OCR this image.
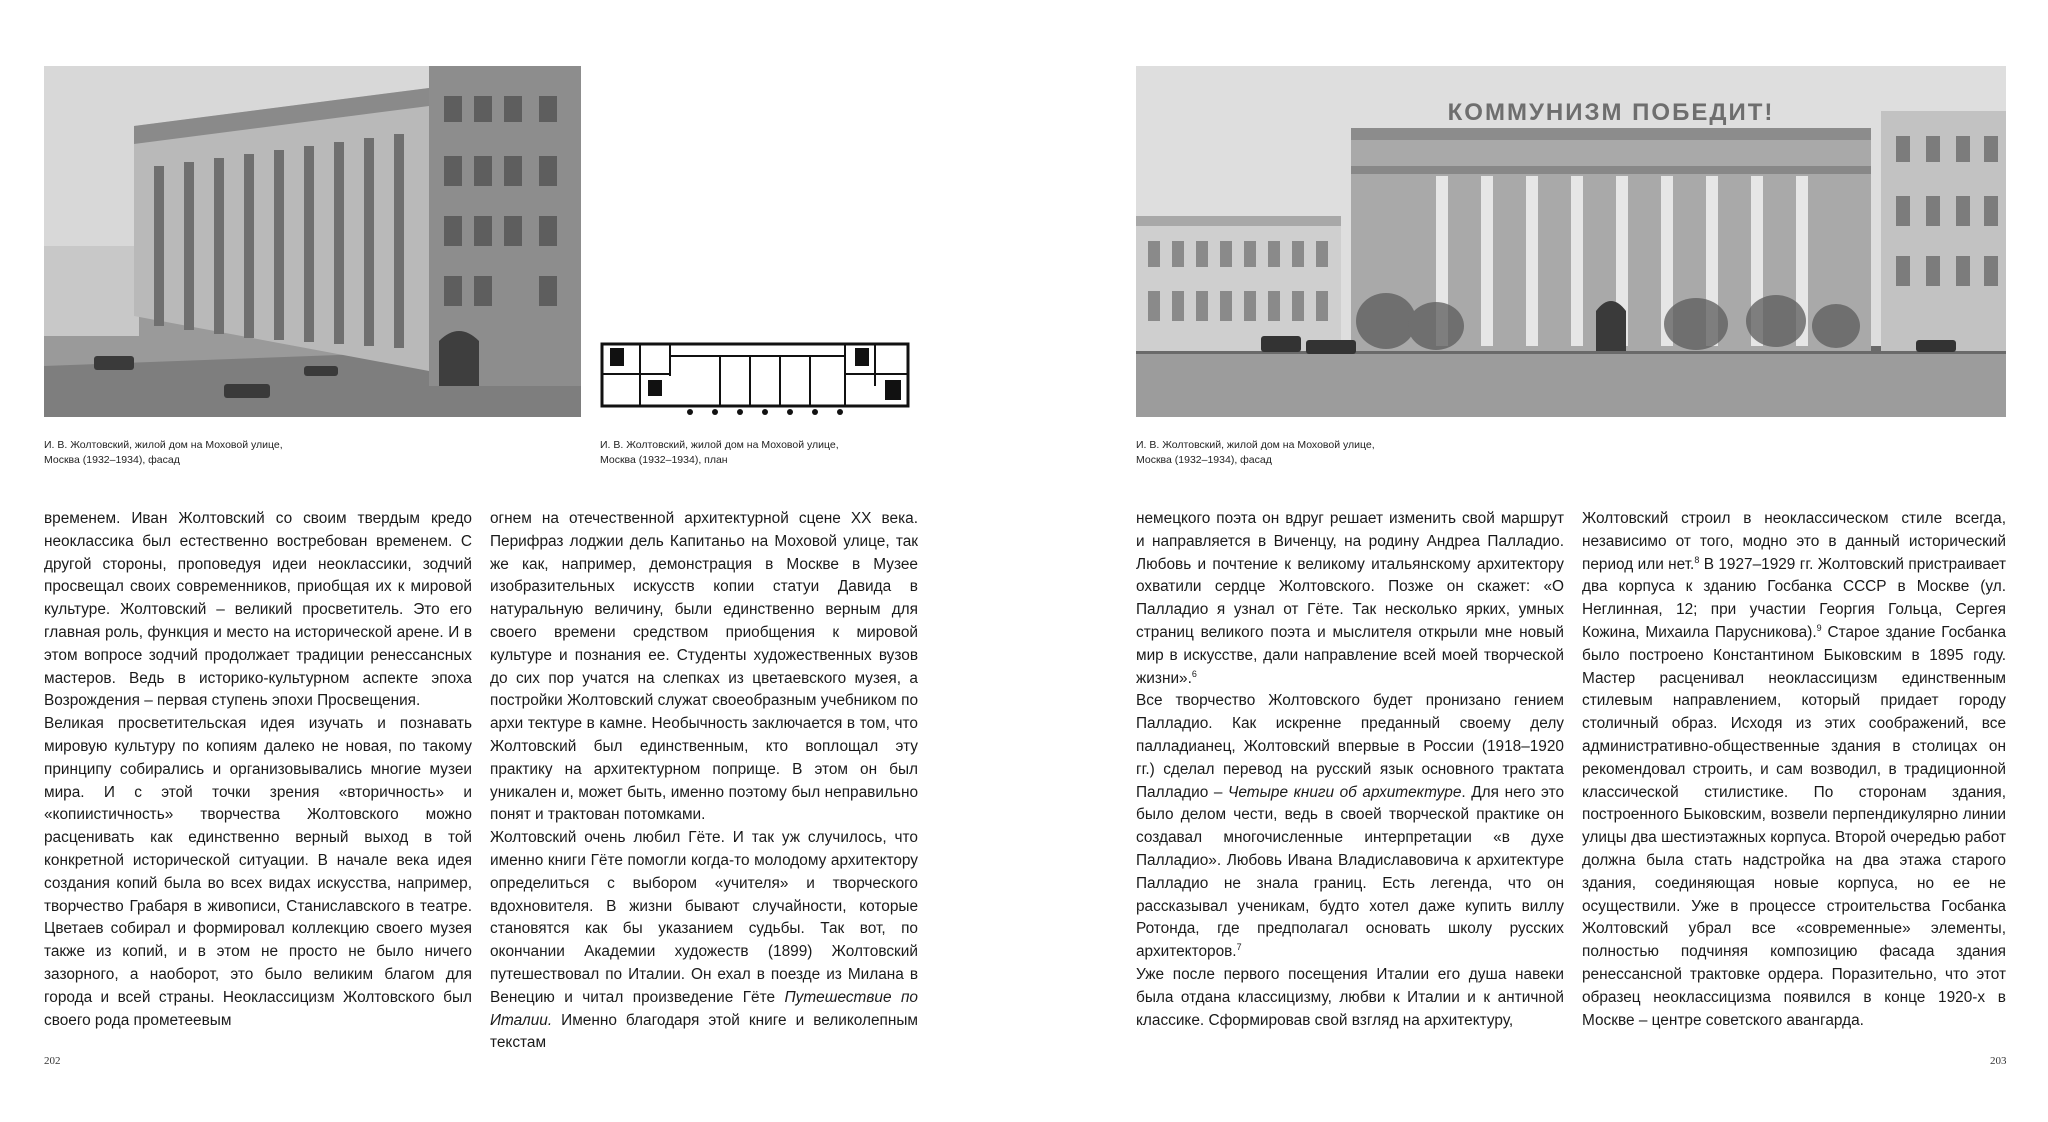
И. В. Жолтовский, жилой дом на Моховой улице,
Москва (1932–1934), фасад
И. В. Жолтовский, жилой дом на Моховой улице,
Москва (1932–1934), план

временем. Иван Жолтовский со своим твердым кредо неоклассика был естественно востребован временем. С другой стороны, проповедуя идеи неоклассики, зодчий просвещал своих современников, приобщая их к мировой культуре. Жолтовский – великий просветитель. Это его главная роль, функция и место на исторической арене. И в этом вопросе зодчий продолжает традиции ренессансных мастеров. Ведь в историко-культурном аспекте эпоха Возрождения – первая ступень эпохи Просвещения.

Великая просветительская идея изучать и познавать мировую культуру по копиям далеко не новая, по такому принципу собирались и организовывались многие музеи мира. И с этой точки зрения «вторичность» и «копиистичность» творчества Жолтовского можно расценивать как единственно верный выход в той конкретной исторической ситуации. В начале века идея создания копий была во всех видах искусства, например, творчество Грабаря в живописи, Станиславского в театре. Цветаев собирал и формировал коллекцию своего музея также из копий, и в этом не просто не было ничего зазорного, а наоборот, это было великим благом для города и всей страны. Неоклассицизм Жолтовского был своего рода прометеевым

огнем на отечественной архитектурной сцене XX века. Перифраз лоджии дель Капитаньо на Моховой улице, так же как, например, демонстрация в Москве в Музее изобразительных искусств копии статуи Давида в натуральную величину, были единственно верным для своего времени средством приобщения к мировой культуре и познания ее. Студенты художественных вузов до сих пор учатся на слепках из цветаевского музея, а постройки Жолтовский служат своеобразным учебником по архи тектуре в камне. Необычность заключается в том, что Жолтовский был единственным, кто воплощал эту практику на архитектурном поприще. В этом он был уникален и, может быть, именно поэтому был неправильно понят и трактован потомками.

Жолтовский очень любил Гёте. И так уж случилось, что именно книги Гёте помогли когда-то молодому архитектору определиться с выбором «учителя» и творческого вдохновителя. В жизни бывают случайности, которые становятся как бы указанием судьбы. Так вот, по окончании Академии художеств (1899) Жолтовский путешествовал по Италии. Он ехал в поезде из Милана в Венецию и читал произведение Гёте Путешествие по Италии. Именно благодаря этой книге и великолепным текстам

202
КОММУНИЗМ ПОБЕДИТ!
И. В. Жолтовский, жилой дом на Моховой улице,
Москва (1932–1934), фасад

немецкого поэта он вдруг решает изменить свой маршрут и направляется в Виченцу, на родину Андреа Палладио. Любовь и почтение к великому итальянскому архитектору охватили сердце Жолтовского. Позже он скажет: «О Палладио я узнал от Гёте. Так несколько ярких, умных страниц великого поэта и мыслителя открыли мне новый мир в искусстве, дали направление всей моей творческой жизни».$^6$

Все творчество Жолтовского будет пронизано гением Палладио. Как искренне преданный своему делу палладианец, Жолтовский впервые в России (1918–1920 гг.) сделал перевод на русский язык основного трактата Палладио – Четыре книги об архитектуре. Для него это было делом чести, ведь в своей творческой практике он создавал многочисленные интерпретации «в духе Палладио». Любовь Ивана Владиславовича к архитектуре Палладио не знала границ. Есть легенда, что он рассказывал ученикам, будто хотел даже купить виллу Ротонда, где предполагал основать школу русских архитекторов.$^7$

Уже после первого посещения Италии его душа навеки была отдана классицизму, любви к Италии и к античной классике. Сформировав свой взгляд на архитектуру,

Жолтовский строил в неоклассическом стиле всегда, независимо от того, модно это в данный исторический период или нет.$^8$ В 1927–1929 гг. Жолтовский пристраивает два корпуса к зданию Госбанка СССР в Москве (ул. Неглинная, 12; при участии Георгия Гольца, Сергея Кожина, Михаила Парусникова).$^9$ Старое здание Госбанка было построено Константином Быковским в 1895 году. Мастер расценивал неоклассицизм единственным стилевым направлением, который придает городу столичный образ. Исходя из этих соображений, все административно-общественные здания в столицах он рекомендовал строить, и сам возводил, в традиционной классической стилистике. По сторонам здания, построенного Быковским, возвели перпендикулярно линии улицы два шестиэтажных корпуса. Второй очередью работ должна была стать надстройка на два этажа старого здания, соединяющая новые корпуса, но ее не осуществили. Уже в процессе строительства Госбанка Жолтовский убрал все «современные» элементы, полностью подчиняя композицию фасада здания ренессансной трактовке ордера. Поразительно, что этот образец неоклассицизма появился в конце 1920-х в Москве – центре советского авангарда.

203
